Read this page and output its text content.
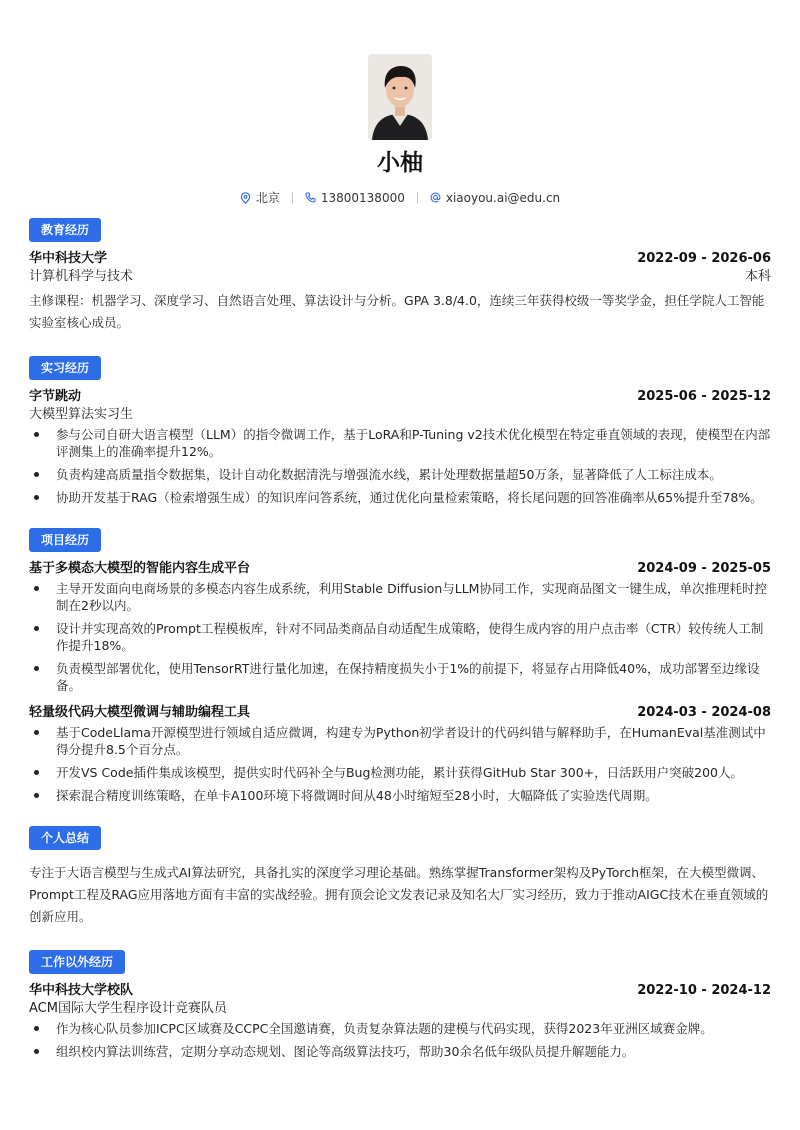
小柚
北京	13800138000	xiaoyou.ai@edu.cn
教育经历
华中科技大学	2022-09 - 2026-06
计算机科学与技术	本科
主修课程：机器学习、深度学习、自然语言处理、算法设计与分析。GPA 3.8/4.0，连续三年获得校级一等奖学金，担任学院人工智能实验室核心成员。
实习经历
字节跳动	2025-06 - 2025-12
大模型算法实习生
参与公司自研大语言模型（LLM）的指令微调工作，基于LoRA和P-Tuning v2技术优化模型在特定垂直领域的表现，使模型在内部评测集上的准确率提升12%。
负责构建高质量指令数据集，设计自动化数据清洗与增强流水线，累计处理数据量超50万条，显著降低了人工标注成本。
协助开发基于RAG（检索增强生成）的知识库问答系统，通过优化向量检索策略，将长尾问题的回答准确率从65%提升至78%。
项目经历
基于多模态大模型的智能内容生成平台	2024-09 - 2025-05
主导开发面向电商场景的多模态内容生成系统，利用Stable Diffusion与LLM协同工作，实现商品图文一键生成，单次推理耗时控制在2秒以内。
设计并实现高效的Prompt工程模板库，针对不同品类商品自动适配生成策略，使得生成内容的用户点击率（CTR）较传统人工制作提升18%。
负责模型部署优化，使用TensorRT进行量化加速，在保持精度损失小于1%的前提下，将显存占用降低40%，成功部署至边缘设备。
轻量级代码大模型微调与辅助编程工具	2024-03 - 2024-08
基于CodeLlama开源模型进行领域自适应微调，构建专为Python初学者设计的代码纠错与解释助手，在HumanEval基准测试中得分提升8.5个百分点。
开发VS Code插件集成该模型，提供实时代码补全与Bug检测功能，累计获得GitHub Star 300+，日活跃用户突破200人。
探索混合精度训练策略，在单卡A100环境下将微调时间从48小时缩短至28小时，大幅降低了实验迭代周期。
个人总结
专注于大语言模型与生成式AI算法研究，具备扎实的深度学习理论基础。熟练掌握Transformer架构及PyTorch框架，在大模型微调、Prompt工程及RAG应用落地方面有丰富的实战经验。拥有顶会论文发表记录及知名大厂实习经历，致力于推动AIGC技术在垂直领域的创新应用。
工作以外经历
华中科技大学校队	2022-10 - 2024-12
ACM国际大学生程序设计竞赛队员
作为核心队员参加ICPC区域赛及CCPC全国邀请赛，负责复杂算法题的建模与代码实现，获得2023年亚洲区域赛金牌。
组织校内算法训练营，定期分享动态规划、图论等高级算法技巧，帮助30余名低年级队员提升解题能力。
